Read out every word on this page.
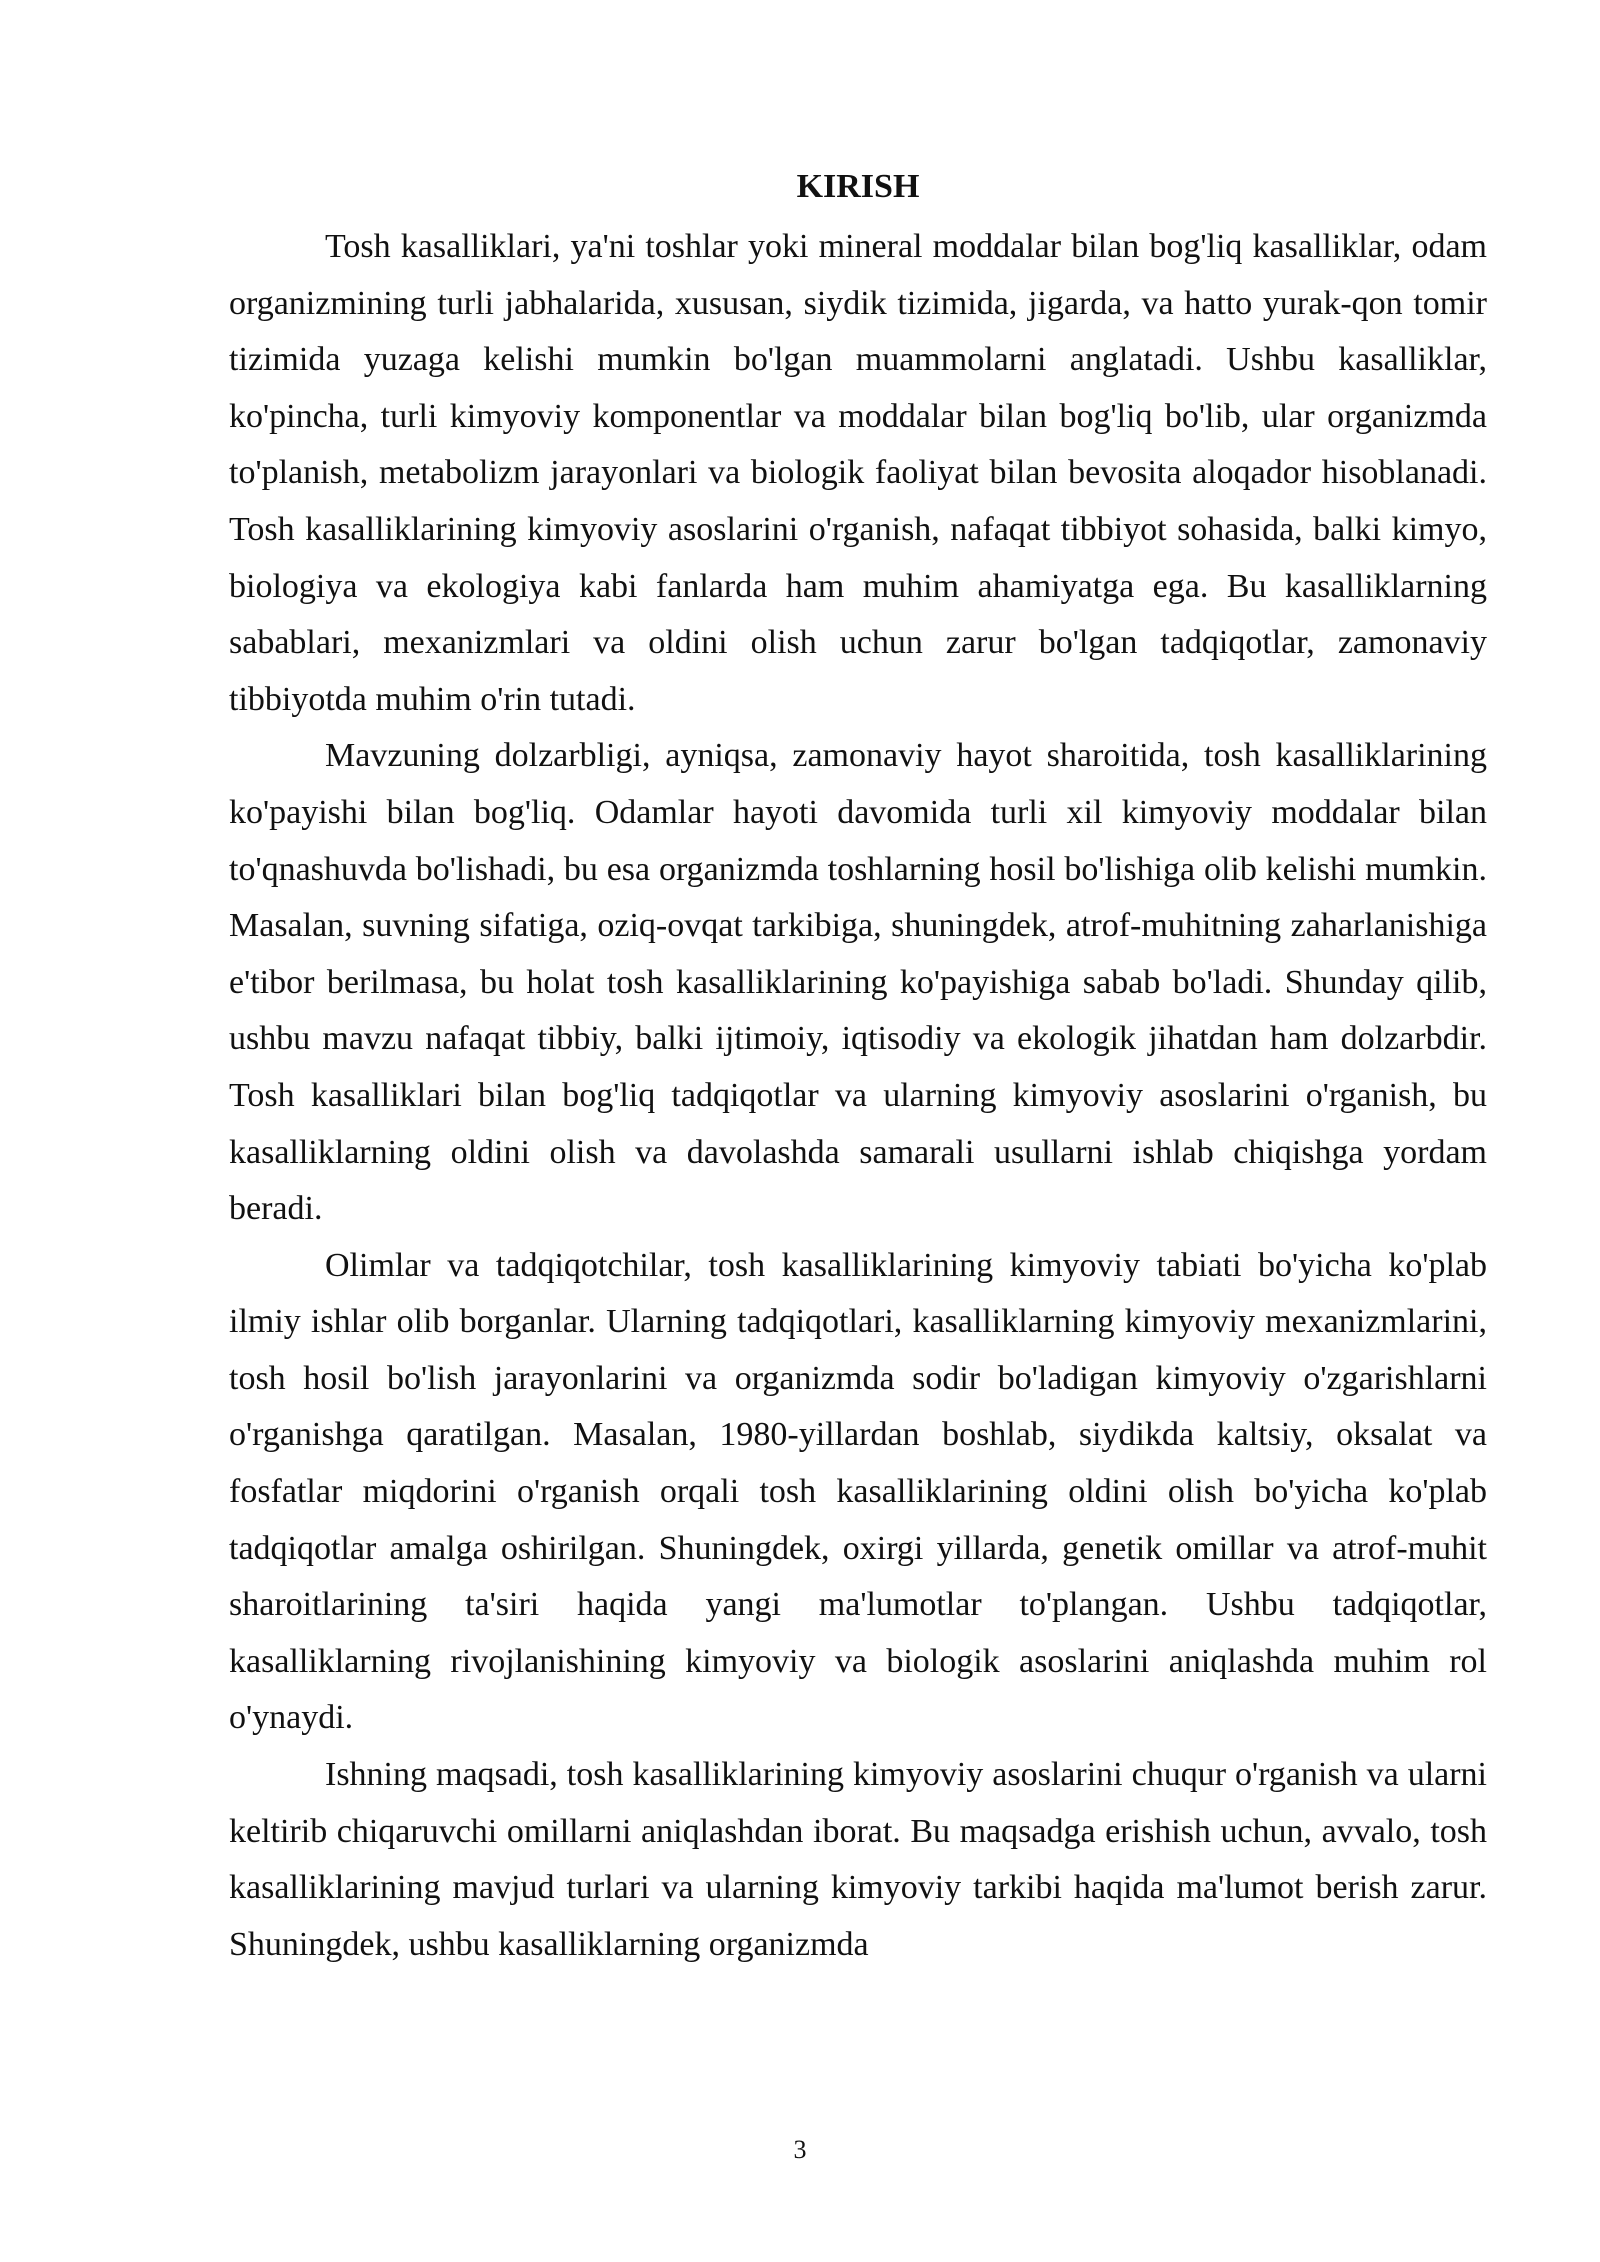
KIRISH

Tosh kasalliklari, ya'ni toshlar yoki mineral moddalar bilan bog'liq kasalliklar, odam organizmining turli jabhalarida, xususan, siydik tizimida, jigarda, va hatto yurak-qon tomir tizimida yuzaga kelishi mumkin bo'lgan muammolarni anglatadi. Ushbu kasalliklar, ko'pincha, turli kimyoviy komponentlar va moddalar bilan bog'liq bo'lib, ular organizmda to'planish, metabolizm jarayonlari va biologik faoliyat bilan bevosita aloqador hisoblanadi. Tosh kasalliklarining kimyoviy asoslarini o'rganish, nafaqat tibbiyot sohasida, balki kimyo, biologiya va ekologiya kabi fanlarda ham muhim ahamiyatga ega. Bu kasalliklarning sabablari, mexanizmlari va oldini olish uchun zarur bo'lgan tadqiqotlar, zamonaviy tibbiyotda muhim o'rin tutadi.

Mavzuning dolzarbligi, ayniqsa, zamonaviy hayot sharoitida, tosh kasalliklarining ko'payishi bilan bog'liq. Odamlar hayoti davomida turli xil kimyoviy moddalar bilan to'qnashuvda bo'lishadi, bu esa organizmda toshlarning hosil bo'lishiga olib kelishi mumkin. Masalan, suvning sifatiga, oziq-ovqat tarkibiga, shuningdek, atrof-muhitning zaharlanishiga e'tibor berilmasa, bu holat tosh kasalliklarining ko'payishiga sabab bo'ladi. Shunday qilib, ushbu mavzu nafaqat tibbiy, balki ijtimoiy, iqtisodiy va ekologik jihatdan ham dolzarbdir. Tosh kasalliklari bilan bog'liq tadqiqotlar va ularning kimyoviy asoslarini o'rganish, bu kasalliklarning oldini olish va davolashda samarali usullarni ishlab chiqishga yordam beradi.

Olimlar va tadqiqotchilar, tosh kasalliklarining kimyoviy tabiati bo'yicha ko'plab ilmiy ishlar olib borganlar. Ularning tadqiqotlari, kasalliklarning kimyoviy mexanizmlarini, tosh hosil bo'lish jarayonlarini va organizmda sodir bo'ladigan kimyoviy o'zgarishlarni o'rganishga qaratilgan. Masalan, 1980-yillardan boshlab, siydikda kaltsiy, oksalat va fosfatlar miqdorini o'rganish orqali tosh kasalliklarining oldini olish bo'yicha ko'plab tadqiqotlar amalga oshirilgan. Shuningdek, oxirgi yillarda, genetik omillar va atrof-muhit sharoitlarining ta'siri haqida yangi ma'lumotlar to'plangan. Ushbu tadqiqotlar, kasalliklarning rivojlanishining kimyoviy va biologik asoslarini aniqlashda muhim rol o'ynaydi.

Ishning maqsadi, tosh kasalliklarining kimyoviy asoslarini chuqur o'rganish va ularni keltirib chiqaruvchi omillarni aniqlashdan iborat. Bu maqsadga erishish uchun, avvalo, tosh kasalliklarining mavjud turlari va ularning kimyoviy tarkibi haqida ma'lumot berish zarur. Shuningdek, ushbu kasalliklarning organizmda

3
